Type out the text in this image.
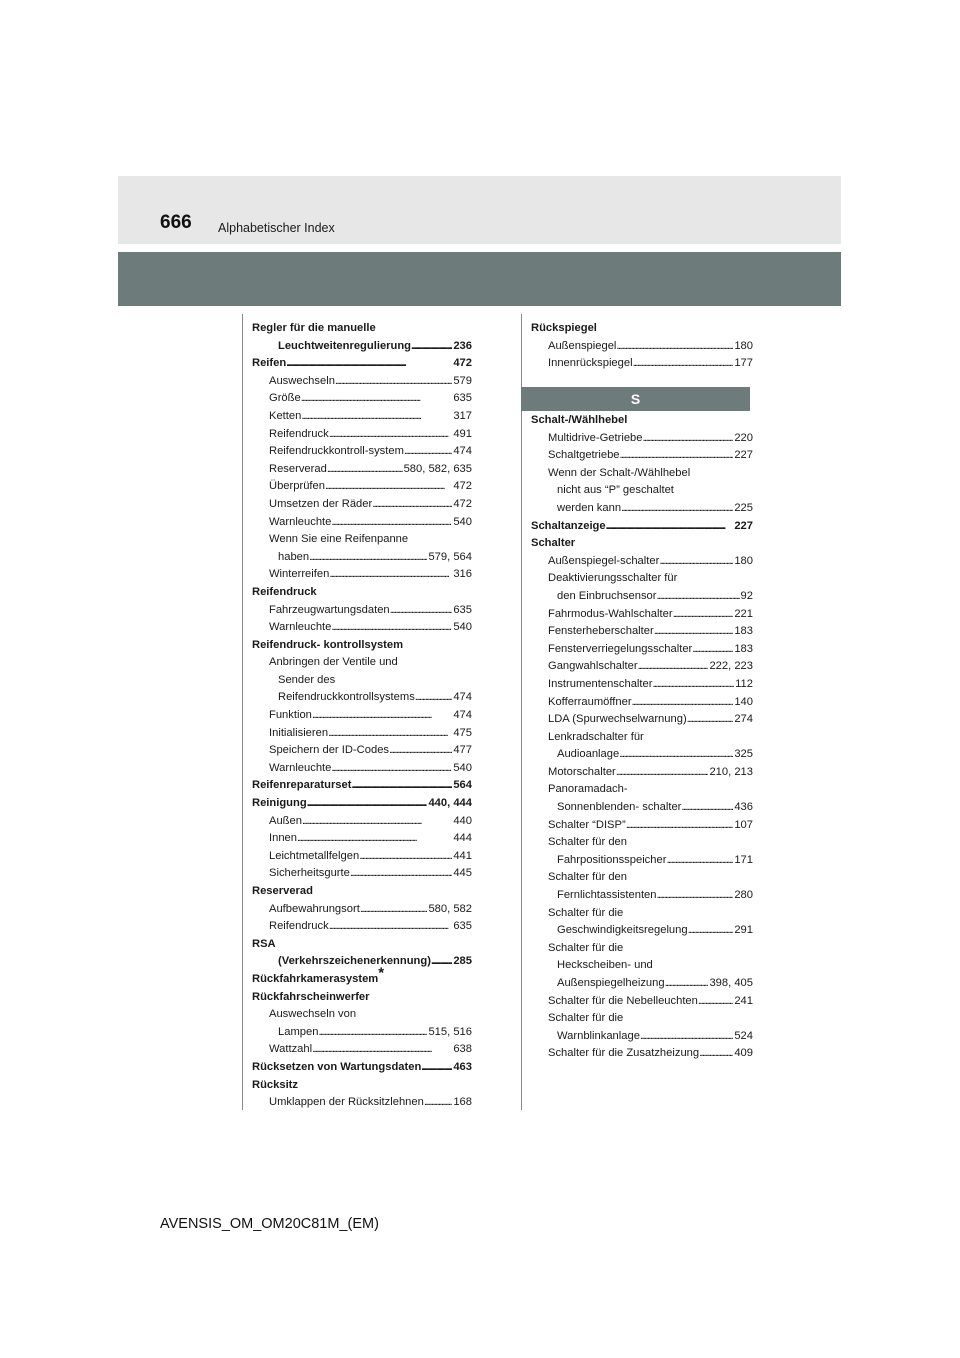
666 Alphabetischer Index
Regler für die manuelle
Leuchtweitenregulierung . . .	236
Reifen . . .	472
Auswechseln . . .	579
Größe . . .	635
Ketten . . .	317
Reifendruck . . .	491
Reifendruckkontroll-system . . .	474
Reserverad . . .	580, 582, 635
Überprüfen . . .	472
Umsetzen der Räder . . .	472
Warnleuchte . . .	540
Wenn Sie eine Reifenpanne
haben . . .	579, 564
Winterreifen . . .	316
Reifendruck
Fahrzeugwartungsdaten . . .	635
Warnleuchte . . .	540
Reifendruck- kontrollsystem
Anbringen der Ventile und
Sender des
Reifendruckkontrollsystems . . .	474
Funktion . . .	474
Initialisieren . . .	475
Speichern der ID-Codes . . .	477
Warnleuchte . . .	540
Reifenreparaturset . . .	564
Reinigung . . .	440, 444
Außen . . .	440
Innen . . .	444
Leichtmetallfelgen . . .	441
Sicherheitsgurte . . .	445
Reserverad
Aufbewahrungsort . . .	580, 582
Reifendruck . . .	635
RSA
(Verkehrszeichenerkennung) . . . 285
Rückfahrkamerasystem*
Rückfahrscheinwerfer
Auswechseln von
Lampen . . .	515, 516
Wattzahl . . .	638
Rücksetzen von Wartungsdaten . . .	463
Rücksitz
Umklappen der Rücksitzlehnen . . .	168
Rückspiegel
Außenspiegel . . .	180
Innenrückspiegel . . .	177
S
Schalt-/Wählhebel
Multidrive-Getriebe . . .	220
Schaltgetriebe . . .	227
Wenn der Schalt-/Wählhebel
nicht aus “P” geschaltet
werden kann . . .	225
Schaltanzeige . . .	227
Schalter
Außenspiegel-schalter . . .	180
Deaktivierungsschalter für
den Einbruchsensor . . .	92
Fahrmodus-Wahlschalter . . .	221
Fensterheberschalter . . .	183
Fensterverriegelungsschalter . . .	183
Gangwahlschalter . . .	222, 223
Instrumentenschalter . . .	112
Kofferraumöffner . . .	140
LDA (Spurwechselwarnung) . . .	274
Lenkradschalter für
Audioanlage . . .	325
Motorschalter . . .	210, 213
Panoramadach-
Sonnenblenden- schalter . . .	436
Schalter “DISP” . . .	107
Schalter für den
Fahrpositionsspeicher . . .	171
Schalter für den
Fernlichtassistenten . . .	280
Schalter für die
Geschwindigkeitsregelung . . .	291
Schalter für die
Heckscheiben- und
Außenspiegelheizung . . .	398, 405
Schalter für die Nebelleuchten . . .	241
Schalter für die
Warnblinkanlage . . .	524
Schalter für die Zusatzheizung . . .	409
AVENSIS_OM_OM20C81M_(EM)
